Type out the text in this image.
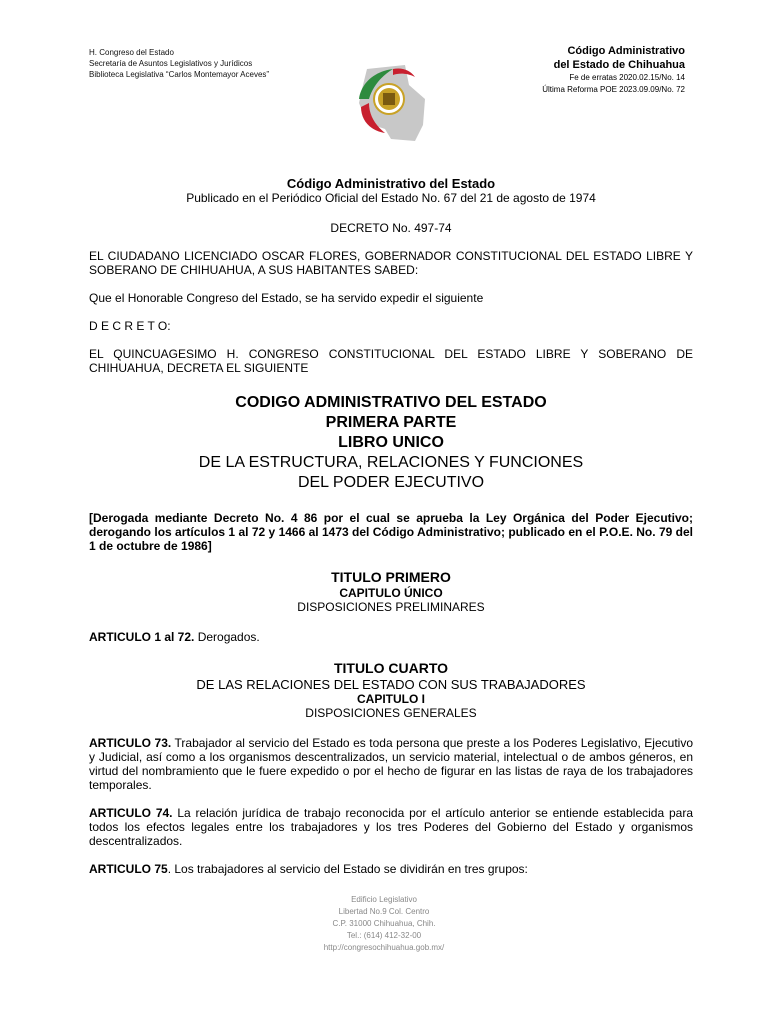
H. Congreso del Estado
Secretaría de Asuntos Legislativos y Jurídicos
Biblioteca Legislativa “Carlos Montemayor Aceves”
Código Administrativo
del Estado de Chihuahua
Fe de erratas 2020.02.15/No. 14
Última Reforma POE 2023.09.09/No. 72

Código Administrativo del Estado

Publicado en el Periódico Oficial del Estado No. 67 del 21 de agosto de 1974

DECRETO No. 497-74

EL CIUDADANO LICENCIADO OSCAR FLORES, GOBERNADOR CONSTITUCIONAL DEL ESTADO LIBRE Y SOBERANO DE CHIHUAHUA, A SUS HABITANTES SABED:

Que el Honorable Congreso del Estado, se ha servido expedir el siguiente

D E C R E T O:

EL QUINCUAGESIMO H. CONGRESO CONSTITUCIONAL DEL ESTADO LIBRE Y SOBERANO DE CHIHUAHUA, DECRETA EL SIGUIENTE

CODIGO ADMINISTRATIVO DEL ESTADO

PRIMERA PARTE

LIBRO UNICO

DE LA ESTRUCTURA, RELACIONES Y FUNCIONES

DEL PODER EJECUTIVO

[Derogada mediante Decreto No. 4 86 por el cual se aprueba la Ley Orgánica del Poder Ejecutivo; derogando los artículos 1 al 72 y 1466 al 1473 del Código Administrativo; publicado en el P.O.E. No. 79 del 1 de octubre de 1986]

TITULO PRIMERO

CAPITULO ÚNICO

DISPOSICIONES PRELIMINARES

ARTICULO 1 al 72. Derogados.

TITULO CUARTO

DE LAS RELACIONES DEL ESTADO CON SUS TRABAJADORES

CAPITULO I

DISPOSICIONES GENERALES

ARTICULO 73. Trabajador al servicio del Estado es toda persona que preste a los Poderes Legislativo, Ejecutivo y Judicial, así como a los organismos descentralizados, un servicio material, intelectual o de ambos géneros, en virtud del nombramiento que le fuere expedido o por el hecho de figurar en las listas de raya de los trabajadores temporales.

ARTICULO 74. La relación jurídica de trabajo reconocida por el artículo anterior se entiende establecida para todos los efectos legales entre los trabajadores y los tres Poderes del Gobierno del Estado y organismos descentralizados.

ARTICULO 75. Los trabajadores al servicio del Estado se dividirán en tres grupos:

Edificio Legislativo
Libertad No.9 Col. Centro
C.P. 31000 Chihuahua, Chih.
Tel.: (614) 412-32-00
http://congresochihuahua.gob.mx/
